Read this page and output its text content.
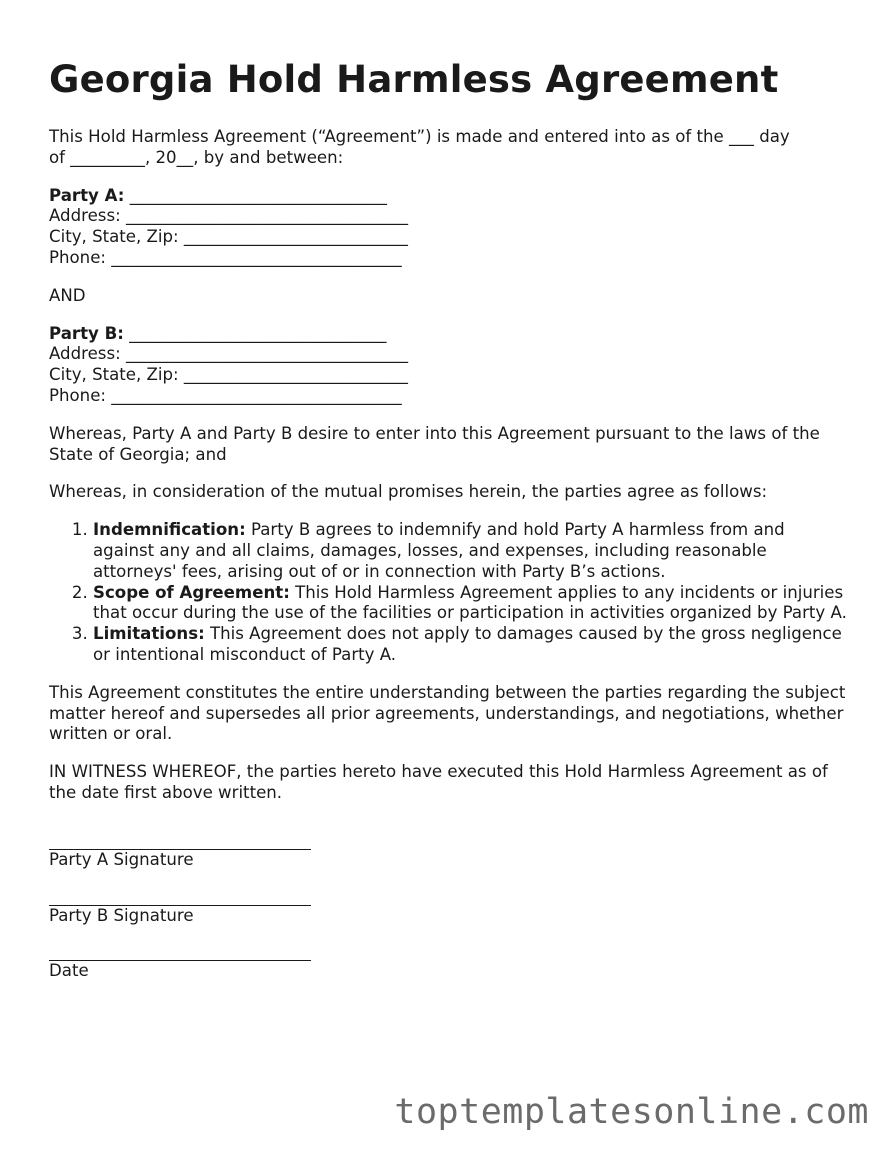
Georgia Hold Harmless Agreement

This Hold Harmless Agreement (“Agreement”) is made and entered into as of the ___ day
of _________, 20__, by and between:

Party A: _______________________________
Address: __________________________________
City, State, Zip: ___________________________
Phone: ___________________________________

AND

Party B: _______________________________
Address: __________________________________
City, State, Zip: ___________________________
Phone: ___________________________________

Whereas, Party A and Party B desire to enter into this Agreement pursuant to the laws of the State of Georgia; and

Whereas, in consideration of the mutual promises herein, the parties agree as follows:

1. Indemnification: Party B agrees to indemnify and hold Party A harmless from and against any and all claims, damages, losses, and expenses, including reasonable attorneys' fees, arising out of or in connection with Party B’s actions.
2. Scope of Agreement: This Hold Harmless Agreement applies to any incidents or injuries that occur during the use of the facilities or participation in activities organized by Party A.
3. Limitations: This Agreement does not apply to damages caused by the gross negligence or intentional misconduct of Party A.

This Agreement constitutes the entire understanding between the parties regarding the subject matter hereof and supersedes all prior agreements, understandings, and negotiations, whether written or oral.

IN WITNESS WHEREOF, the parties hereto have executed this Hold Harmless Agreement as of the date first above written.

Party A Signature
Party B Signature
Date
toptemplatesonline.com
